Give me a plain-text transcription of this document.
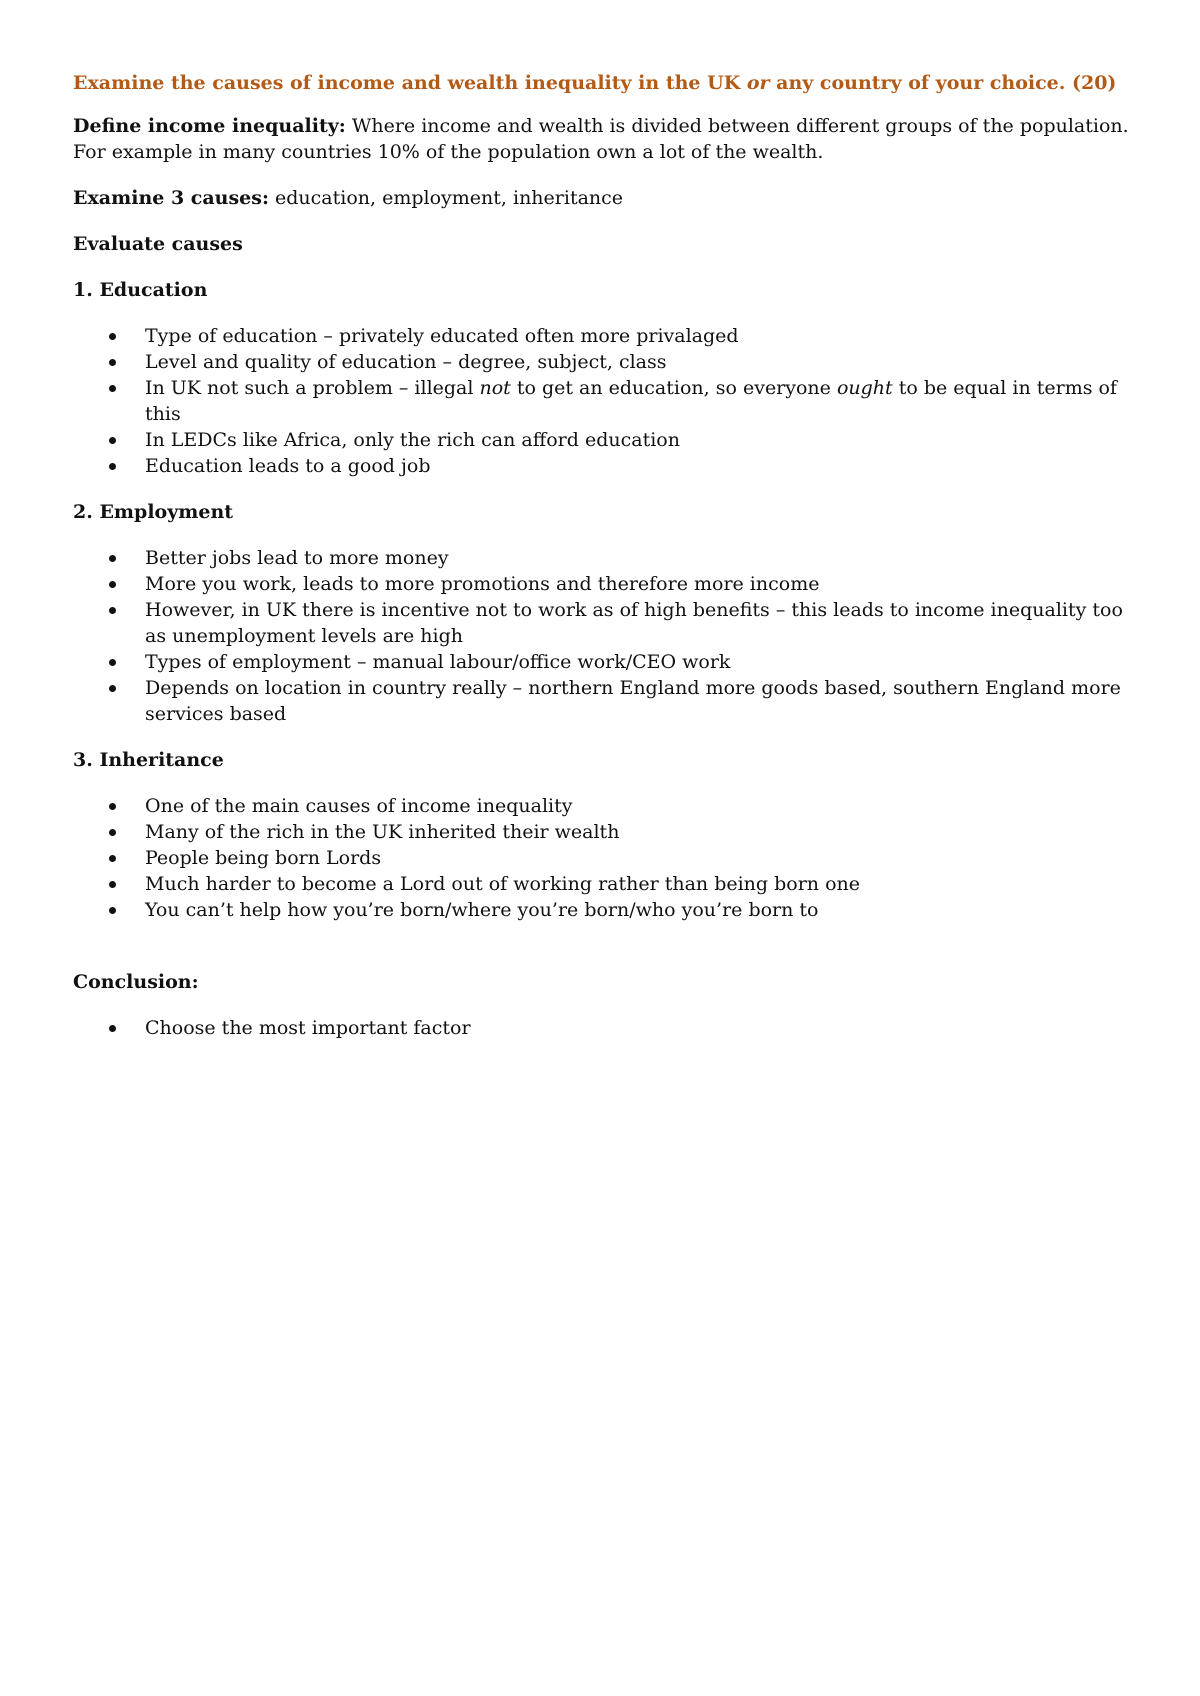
Examine the causes of income and wealth inequality in the UK or any country of your choice. (20)

Define income inequality: Where income and wealth is divided between different groups of the population. For example in many countries 10% of the population own a lot of the wealth.

Examine 3 causes: education, employment, inheritance

Evaluate causes

1. Education

Type of education – privately educated often more privalaged
Level and quality of education – degree, subject, class
In UK not such a problem – illegal not to get an education, so everyone ought to be equal in terms of this
In LEDCs like Africa, only the rich can afford education
Education leads to a good job

2. Employment

Better jobs lead to more money
More you work, leads to more promotions and therefore more income
However, in UK there is incentive not to work as of high benefits – this leads to income inequality too as unemployment levels are high
Types of employment – manual labour/office work/CEO work
Depends on location in country really – northern England more goods based, southern England more services based

3. Inheritance

One of the main causes of income inequality
Many of the rich in the UK inherited their wealth
People being born Lords
Much harder to become a Lord out of working rather than being born one
You can’t help how you’re born/where you’re born/who you’re born to

Conclusion:

Choose the most important factor
